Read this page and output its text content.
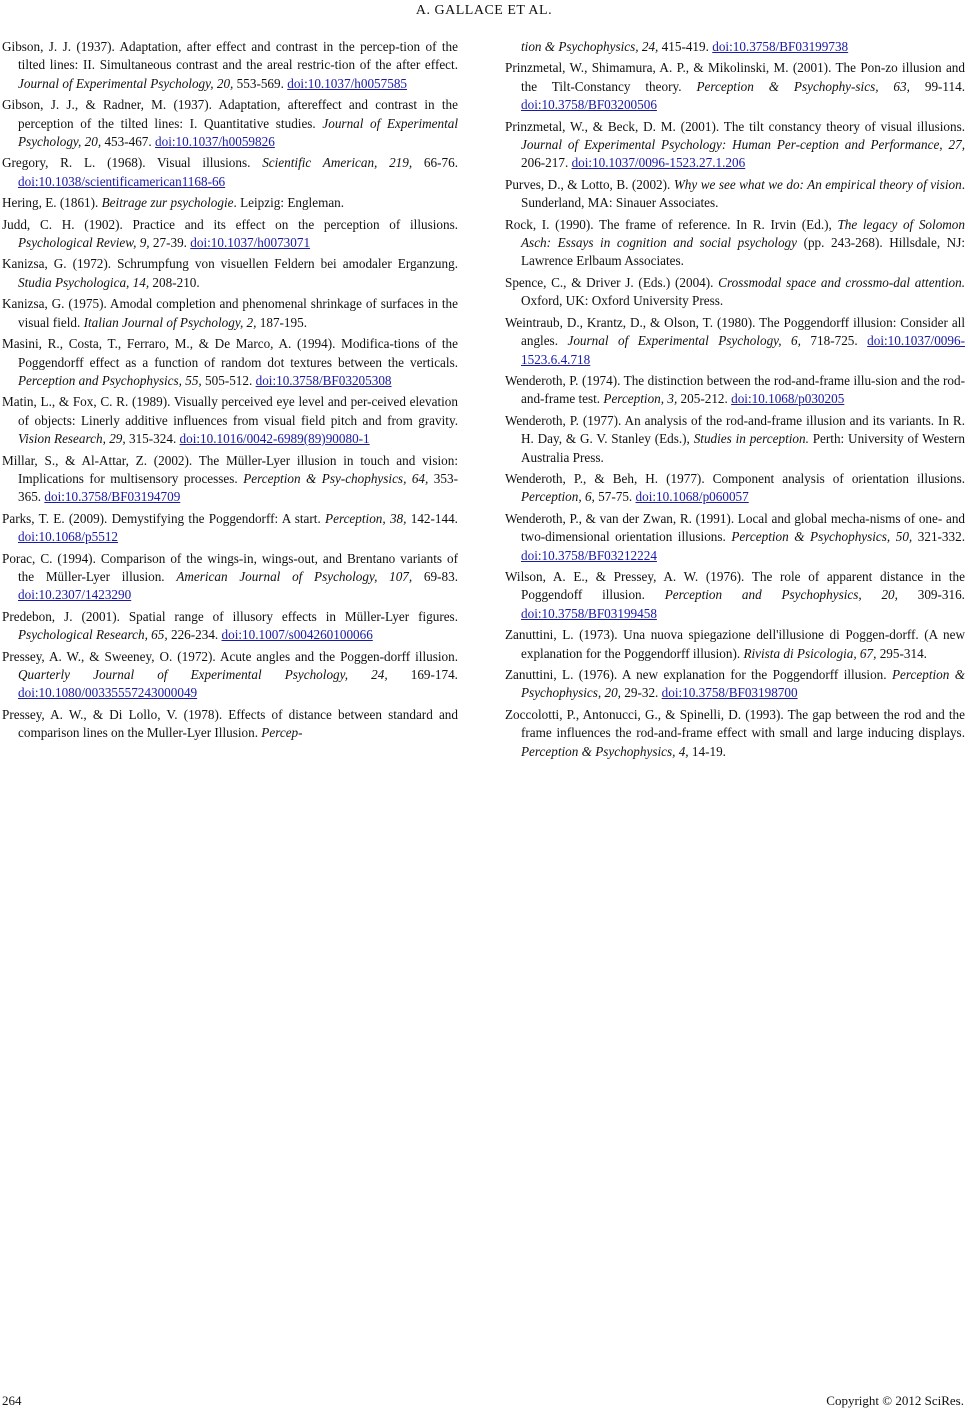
A. GALLACE ET AL.

Gibson, J. J. (1937). Adaptation, after effect and contrast in the percep-tion of the tilted lines: II. Simultaneous contrast and the areal restric-tion of the after effect. Journal of Experimental Psychology, 20, 553-569. doi:10.1037/h0057585

Gibson, J. J., & Radner, M. (1937). Adaptation, aftereffect and contrast in the perception of the tilted lines: I. Quantitative studies. Journal of Experimental Psychology, 20, 453-467. doi:10.1037/h0059826

Gregory, R. L. (1968). Visual illusions. Scientific American, 219, 66-76. doi:10.1038/scientificamerican1168-66

Hering, E. (1861). Beitrage zur psychologie. Leipzig: Engleman.

Judd, C. H. (1902). Practice and its effect on the perception of illusions. Psychological Review, 9, 27-39. doi:10.1037/h0073071

Kanizsa, G. (1972). Schrumpfung von visuellen Feldern bei amodaler Erganzung. Studia Psychologica, 14, 208-210.

Kanizsa, G. (1975). Amodal completion and phenomenal shrinkage of surfaces in the visual field. Italian Journal of Psychology, 2, 187-195.

Masini, R., Costa, T., Ferraro, M., & De Marco, A. (1994). Modifica-tions of the Poggendorff effect as a function of random dot textures between the verticals. Perception and Psychophysics, 55, 505-512. doi:10.3758/BF03205308

Matin, L., & Fox, C. R. (1989). Visually perceived eye level and per-ceived elevation of objects: Linerly additive influences from visual field pitch and from gravity. Vision Research, 29, 315-324. doi:10.1016/0042-6989(89)90080-1

Millar, S., & Al-Attar, Z. (2002). The Müller-Lyer illusion in touch and vision: Implications for multisensory processes. Perception & Psy-chophysics, 64, 353-365. doi:10.3758/BF03194709

Parks, T. E. (2009). Demystifying the Poggendorff: A start. Perception, 38, 142-144. doi:10.1068/p5512

Porac, C. (1994). Comparison of the wings-in, wings-out, and Brentano variants of the Müller-Lyer illusion. American Journal of Psychology, 107, 69-83. doi:10.2307/1423290

Predebon, J. (2001). Spatial range of illusory effects in Müller-Lyer figures. Psychological Research, 65, 226-234. doi:10.1007/s004260100066

Pressey, A. W., & Sweeney, O. (1972). Acute angles and the Poggen-dorff illusion. Quarterly Journal of Experimental Psychology, 24, 169-174. doi:10.1080/00335557243000049

Pressey, A. W., & Di Lollo, V. (1978). Effects of distance between standard and comparison lines on the Muller-Lyer Illusion. Percep-

tion & Psychophysics, 24, 415-419. doi:10.3758/BF03199738

Prinzmetal, W., Shimamura, A. P., & Mikolinski, M. (2001). The Pon-zo illusion and the Tilt-Constancy theory. Perception & Psychophy-sics, 63, 99-114. doi:10.3758/BF03200506

Prinzmetal, W., & Beck, D. M. (2001). The tilt constancy theory of visual illusions. Journal of Experimental Psychology: Human Per-ception and Performance, 27, 206-217. doi:10.1037/0096-1523.27.1.206

Purves, D., & Lotto, B. (2002). Why we see what we do: An empirical theory of vision. Sunderland, MA: Sinauer Associates.

Rock, I. (1990). The frame of reference. In R. Irvin (Ed.), The legacy of Solomon Asch: Essays in cognition and social psychology (pp. 243-268). Hillsdale, NJ: Lawrence Erlbaum Associates.

Spence, C., & Driver J. (Eds.) (2004). Crossmodal space and crossmo-dal attention. Oxford, UK: Oxford University Press.

Weintraub, D., Krantz, D., & Olson, T. (1980). The Poggendorff illusion: Consider all angles. Journal of Experimental Psychology, 6, 718-725. doi:10.1037/0096-1523.6.4.718

Wenderoth, P. (1974). The distinction between the rod-and-frame illu-sion and the rod-and-frame test. Perception, 3, 205-212. doi:10.1068/p030205

Wenderoth, P. (1977). An analysis of the rod-and-frame illusion and its variants. In R. H. Day, & G. V. Stanley (Eds.), Studies in perception. Perth: University of Western Australia Press.

Wenderoth, P., & Beh, H. (1977). Component analysis of orientation illusions. Perception, 6, 57-75. doi:10.1068/p060057

Wenderoth, P., & van der Zwan, R. (1991). Local and global mecha-nisms of one- and two-dimensional orientation illusions. Perception & Psychophysics, 50, 321-332. doi:10.3758/BF03212224

Wilson, A. E., & Pressey, A. W. (1976). The role of apparent distance in the Poggendoff illusion. Perception and Psychophysics, 20, 309-316. doi:10.3758/BF03199458

Zanuttini, L. (1973). Una nuova spiegazione dell'illusione di Poggen-dorff. (A new explanation for the Poggendorff illusion). Rivista di Psicologia, 67, 295-314.

Zanuttini, L. (1976). A new explanation for the Poggendorff illusion. Perception & Psychophysics, 20, 29-32. doi:10.3758/BF03198700

Zoccolotti, P., Antonucci, G., & Spinelli, D. (1993). The gap between the rod and the frame influences the rod-and-frame effect with small and large inducing displays. Perception & Psychophysics, 4, 14-19.

264	Copyright © 2012 SciRes.
